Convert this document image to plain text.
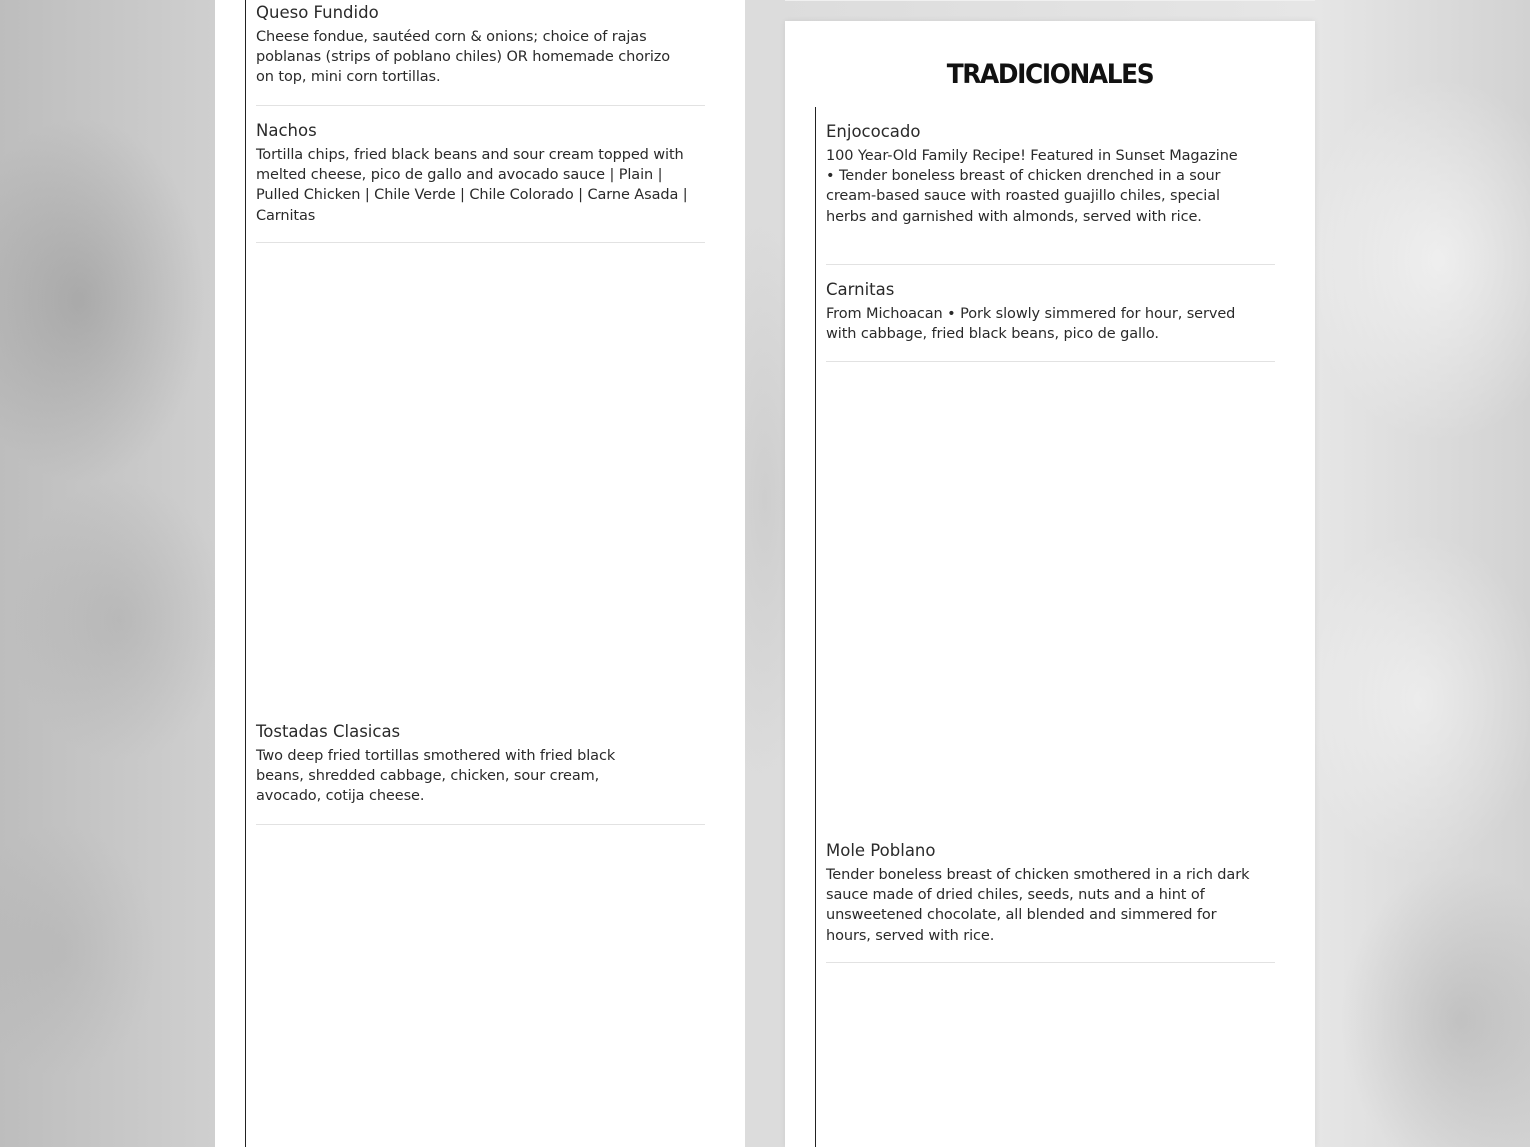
Queso Fundido

Cheese fondue, sautéed corn & onions; choice of rajas poblanas (strips of poblano chiles) OR homemade chorizo on top, mini corn tortillas.

Nachos

Tortilla chips, fried black beans and sour cream topped with melted cheese, pico de gallo and avocado sauce | Plain | Pulled Chicken | Chile Verde | Chile Colorado | Carne Asada | Carnitas

Tostadas Clasicas

Two deep fried tortillas smothered with fried black beans, shredded cabbage, chicken, sour cream, avocado, cotija cheese.

TRADICIONALES
Enjococado

100 Year-Old Family Recipe! Featured in Sunset Magazine • Tender boneless breast of chicken drenched in a sour cream-based sauce with roasted guajillo chiles, special herbs and garnished with almonds, served with rice.

Carnitas

From Michoacan • Pork slowly simmered for hour, served with cabbage, fried black beans, pico de gallo.

Mole Poblano

Tender boneless breast of chicken smothered in a rich dark sauce made of dried chiles, seeds, nuts and a hint of unsweetened chocolate, all blended and simmered for hours, served with rice.
